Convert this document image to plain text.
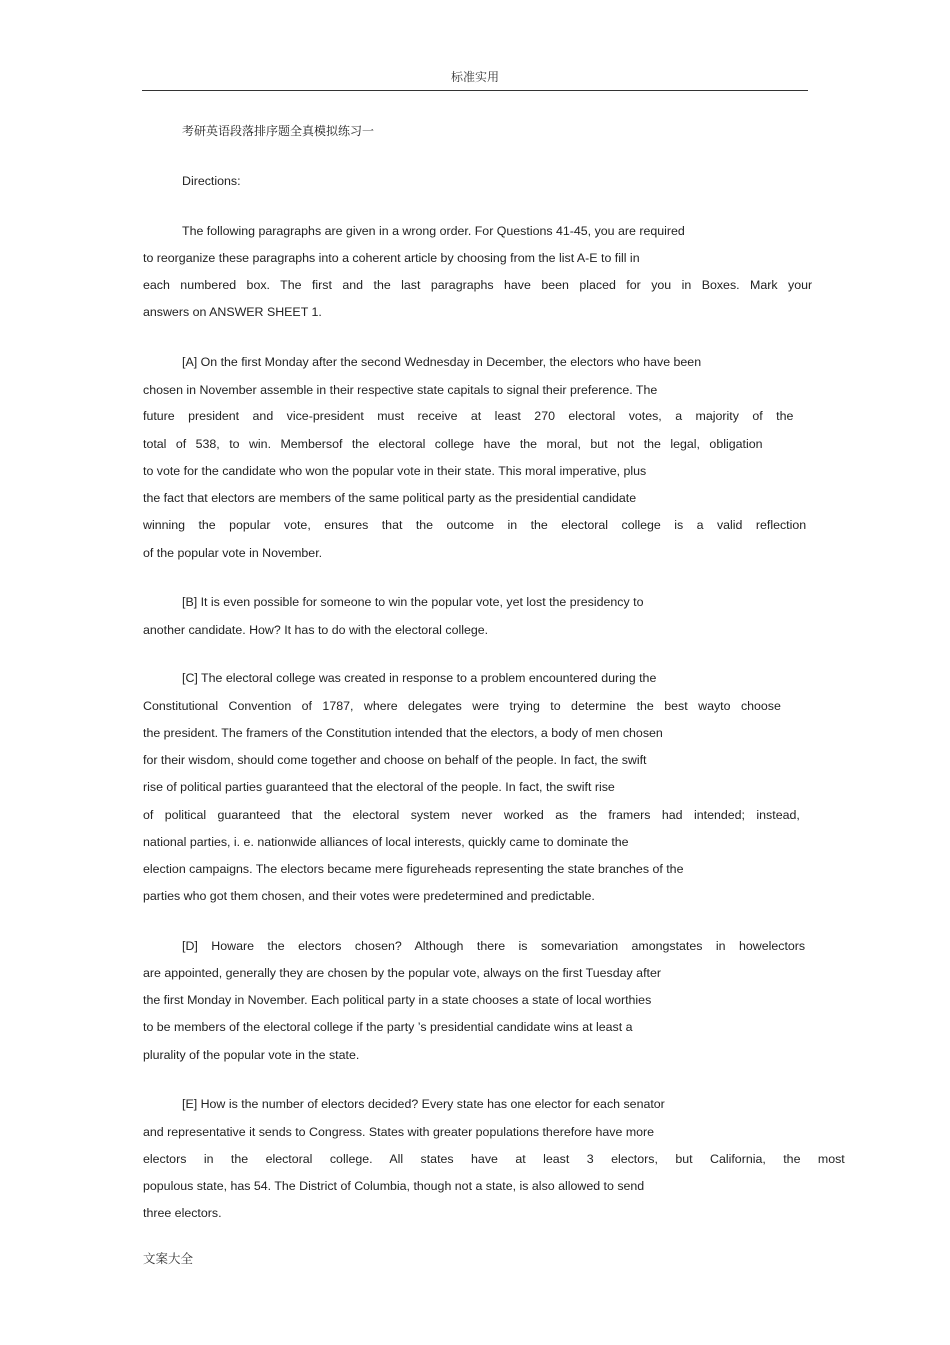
标准实用
考研英语段落排序题全真模拟练习一
Directions:
The following paragraphs are given in a wrong order. For Questions 41-45, you are required
to reorganize these paragraphs into a coherent article by choosing from the list A-E to fill in
each numbered box. The first and the last paragraphs have been placed for you in Boxes. Mark your
answers on ANSWER SHEET 1.
[A] On the first Monday after the second Wednesday in December, the electors who have been
chosen in November assemble in their respective state capitals to signal their preference. The
future president and vice-president must receive at least 270 electoral votes, a majority of the
total of 538, to win. Membersof the electoral college have the moral, but not the legal, obligation
to vote for the candidate who won the popular vote in their state. This moral imperative, plus
the fact that electors are members of the same political party as the presidential candidate
winning the popular vote, ensures that the outcome in the electoral college is a valid reflection
of the popular vote in November.
[B] It is even possible for someone to win the popular vote, yet lost the presidency to
another candidate. How? It has to do with the electoral college.
[C] The electoral college was created in response to a problem encountered during the
Constitutional Convention of 1787, where delegates were trying to determine the best wayto choose
the president. The framers of the Constitution intended that the electors, a body of men chosen
for their wisdom, should come together and choose on behalf of the people. In fact, the swift
rise of political parties guaranteed that the electoral of the people. In fact, the swift rise
of political guaranteed that the electoral system never worked as the framers had intended; instead,
national parties, i. e. nationwide alliances of local interests, quickly came to dominate the
election campaigns. The electors became mere figureheads representing the state branches of the
parties who got them chosen, and their votes were predetermined and predictable.
[D] Howare the electors chosen? Although there is somevariation amongstates in howelectors
are appointed, generally they are chosen by the popular vote, always on the first Tuesday after
the first Monday in November. Each political party in a state chooses a state of local worthies
to be members of the electoral college if the party ’s presidential candidate wins at least a
plurality of the popular vote in the state.
[E] How is the number of electors decided? Every state has one elector for each senator
and representative it sends to Congress. States with greater populations therefore have more
electors in the electoral college. All states have at least 3 electors, but California, the most
populous state, has 54. The District of Columbia, though not a state, is also allowed to send
three electors.
文案大全
